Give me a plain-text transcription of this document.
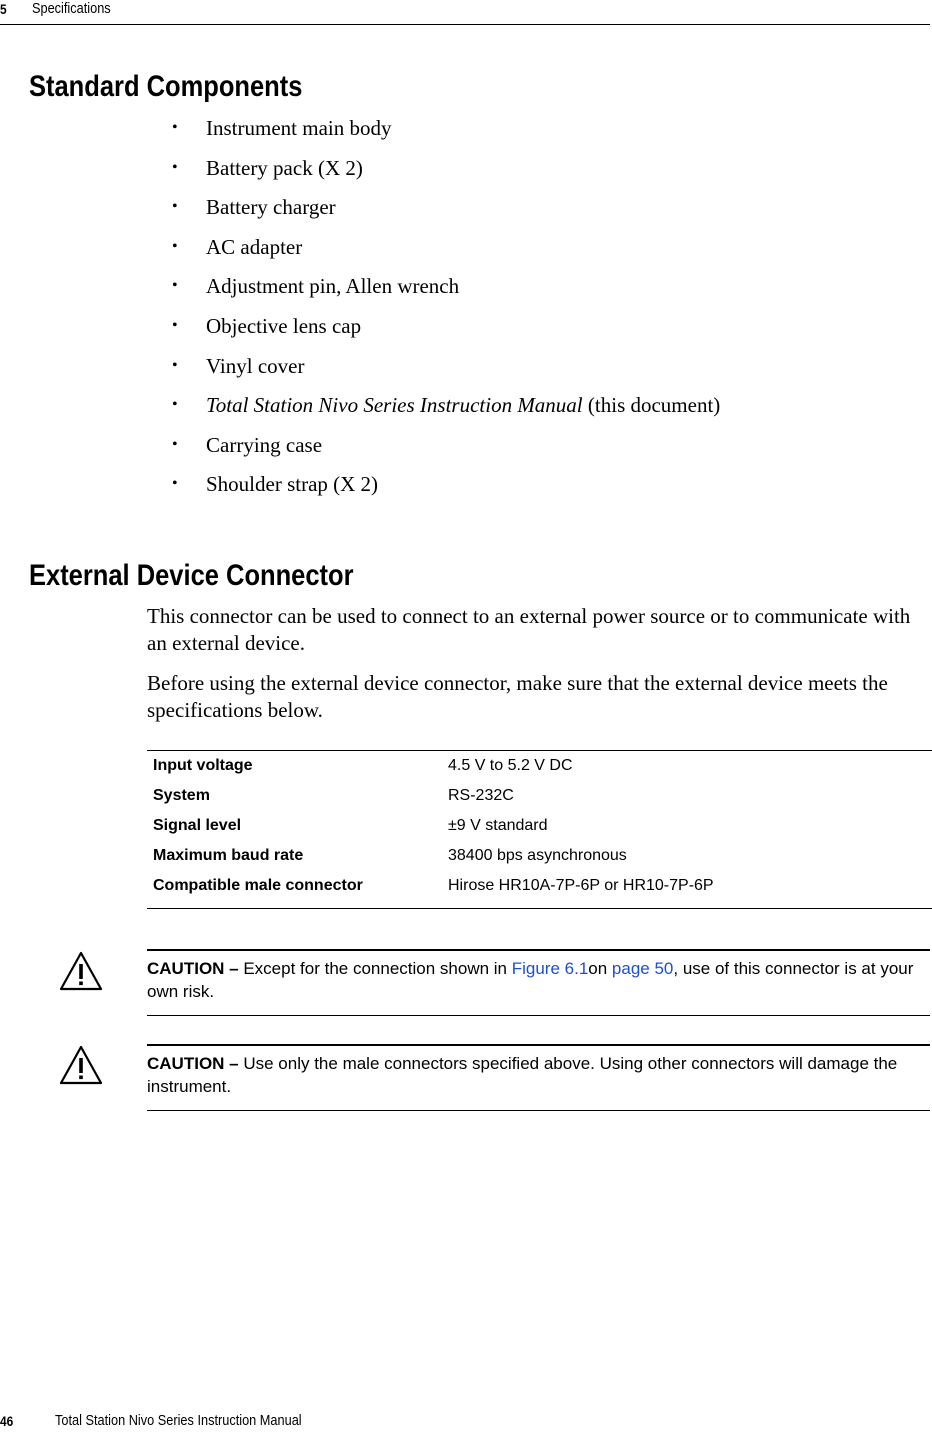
5 Specifications
Standard Components
• Instrument main body
• Battery pack (X 2)
• Battery charger
• AC adapter
• Adjustment pin, Allen wrench
• Objective lens cap
• Vinyl cover
• Total Station Nivo Series Instruction Manual (this document)
• Carrying case
• Shoulder strap (X 2)
External Device Connector

This connector can be used to connect to an external power source or to communicate with an external device.

Before using the external device connector, make sure that the external device meets the specifications below.

Input voltage	4.5 V to 5.2 V DC
System	RS-232C
Signal level	±9 V standard
Maximum baud rate	38400 bps asynchronous
Compatible male connector	Hirose HR10A-7P-6P or HR10-7P-6P

CAUTION – Except for the connection shown in Figure 6.1on page 50, use of this connector is at your own risk.

CAUTION – Use only the male connectors specified above. Using other connectors will damage the instrument.

46	Total Station Nivo Series Instruction Manual
